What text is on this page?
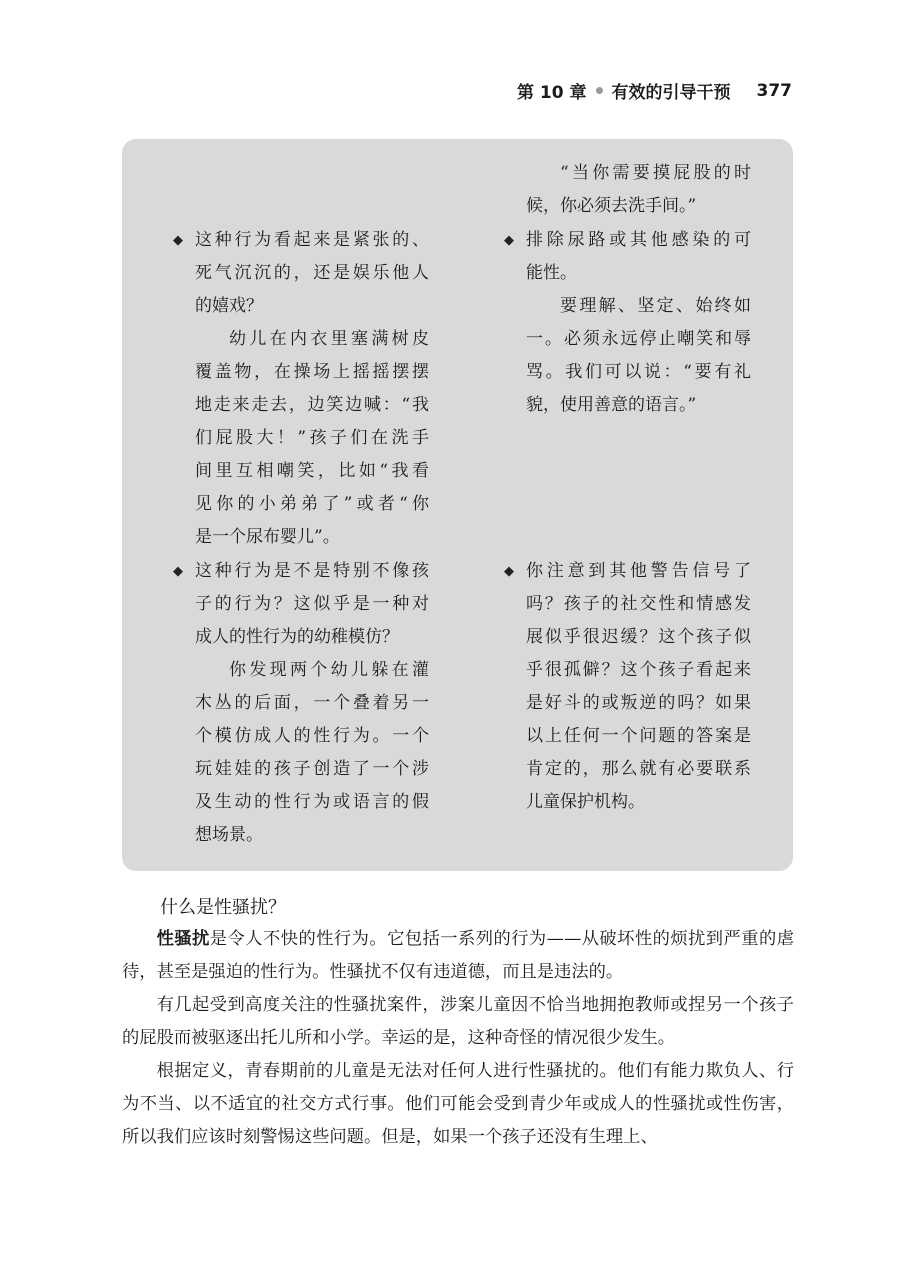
第 10 章 有效的引导干预 377

“当你需要摸屁股的时

候，你必须去洗手间。”

◆ 这种行为看起来是紧张的、

死气沉沉的，还是娱乐他人

的嬉戏？

幼儿在内衣里塞满树皮

覆盖物，在操场上摇摇摆摆

地走来走去，边笑边喊：“我

们屁股大！”孩子们在洗手

间里互相嘲笑，比如“我看

见你的小弟弟了”或者“你

是一个尿布婴儿”。

◆ 排除尿路或其他感染的可

能性。

要理解、坚定、始终如

一。必须永远停止嘲笑和辱

骂。我们可以说：“要有礼

貌，使用善意的语言。”

◆ 这种行为是不是特别不像孩

子的行为？这似乎是一种对

成人的性行为的幼稚模仿？

你发现两个幼儿躲在灌

木丛的后面，一个叠着另一

个模仿成人的性行为。一个

玩娃娃的孩子创造了一个涉

及生动的性行为或语言的假

想场景。

◆ 你注意到其他警告信号了

吗？孩子的社交性和情感发

展似乎很迟缓？这个孩子似

乎很孤僻？这个孩子看起来

是好斗的或叛逆的吗？如果

以上任何一个问题的答案是

肯定的，那么就有必要联系

儿童保护机构。

什么是性骚扰？

性骚扰是令人不快的性行为。它包括一系列的行为——从破坏性的烦扰到严重的虐待，甚至是强迫的性行为。性骚扰不仅有违道德，而且是违法的。

有几起受到高度关注的性骚扰案件，涉案儿童因不恰当地拥抱教师或捏另一个孩子的屁股而被驱逐出托儿所和小学。幸运的是，这种奇怪的情况很少发生。

根据定义，青春期前的儿童是无法对任何人进行性骚扰的。他们有能力欺负人、行为不当、以不适宜的社交方式行事。他们可能会受到青少年或成人的性骚扰或性伤害，所以我们应该时刻警惕这些问题。但是，如果一个孩子还没有生理上、
